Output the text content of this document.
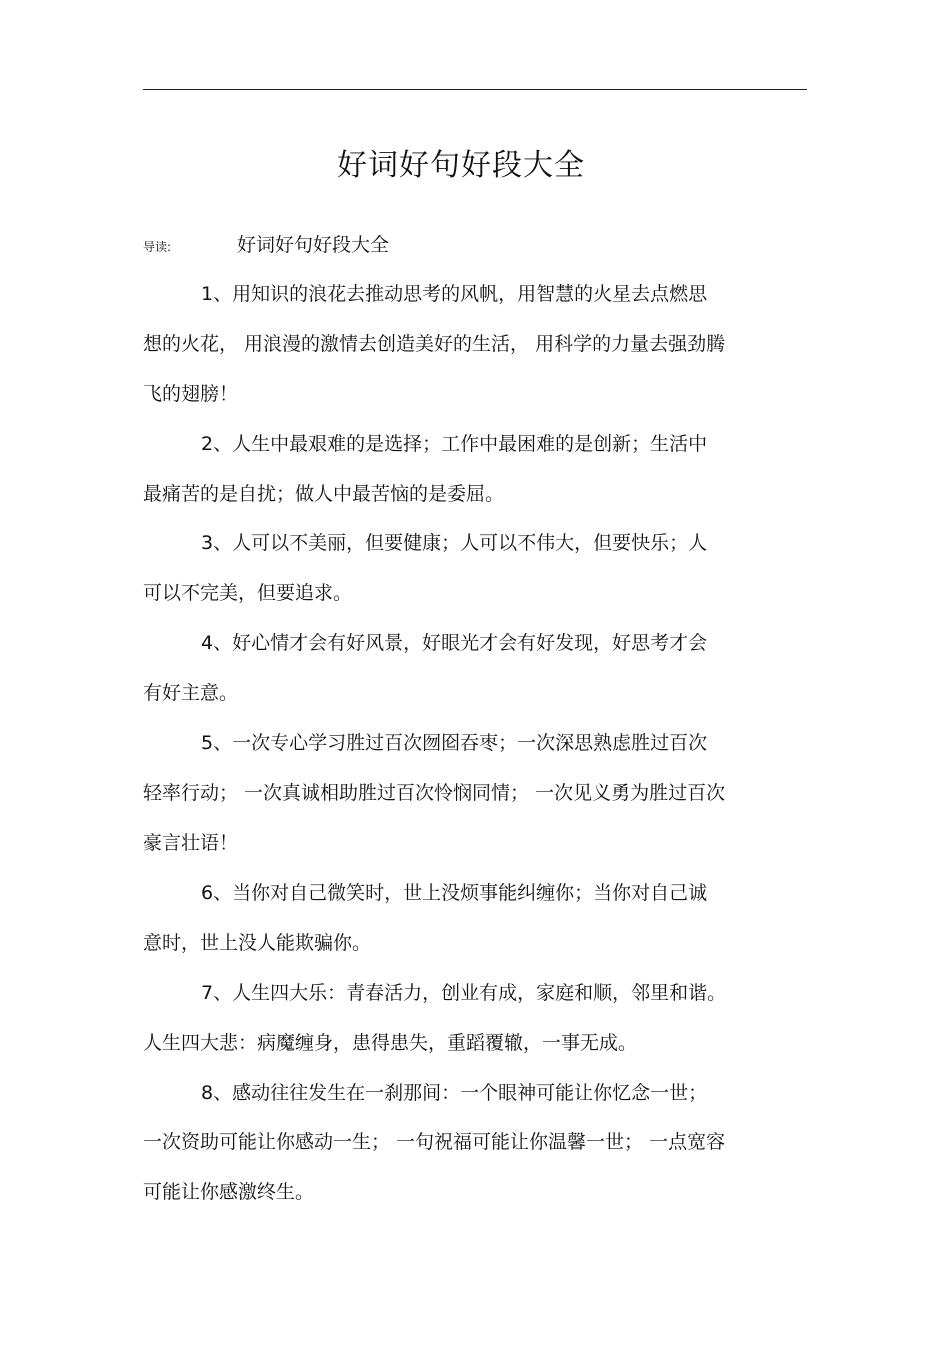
好词好句好段大全
导读:	好词好句好段大全
1、用知识的浪花去推动思考的风帆，用智慧的火星去点燃思
想的火花， 用浪漫的激情去创造美好的生活， 用科学的力量去强劲腾
飞的翅膀！
2、人生中最艰难的是选择；工作中最困难的是创新；生活中
最痛苦的是自扰；做人中最苦恼的是委屈。
3、人可以不美丽，但要健康；人可以不伟大，但要快乐；人
可以不完美，但要追求。
4、好心情才会有好风景，好眼光才会有好发现，好思考才会
有好主意。
5、一次专心学习胜过百次囫囵吞枣；一次深思熟虑胜过百次
轻率行动； 一次真诚相助胜过百次怜悯同情； 一次见义勇为胜过百次
豪言壮语！
6、当你对自己微笑时，世上没烦事能纠缠你；当你对自己诚
意时，世上没人能欺骗你。
7、人生四大乐：青春活力，创业有成，家庭和顺，邻里和谐。
人生四大悲：病魔缠身，患得患失，重蹈覆辙，一事无成。
8、感动往往发生在一刹那间：一个眼神可能让你忆念一世；
一次资助可能让你感动一生； 一句祝福可能让你温馨一世； 一点宽容
可能让你感激终生。
